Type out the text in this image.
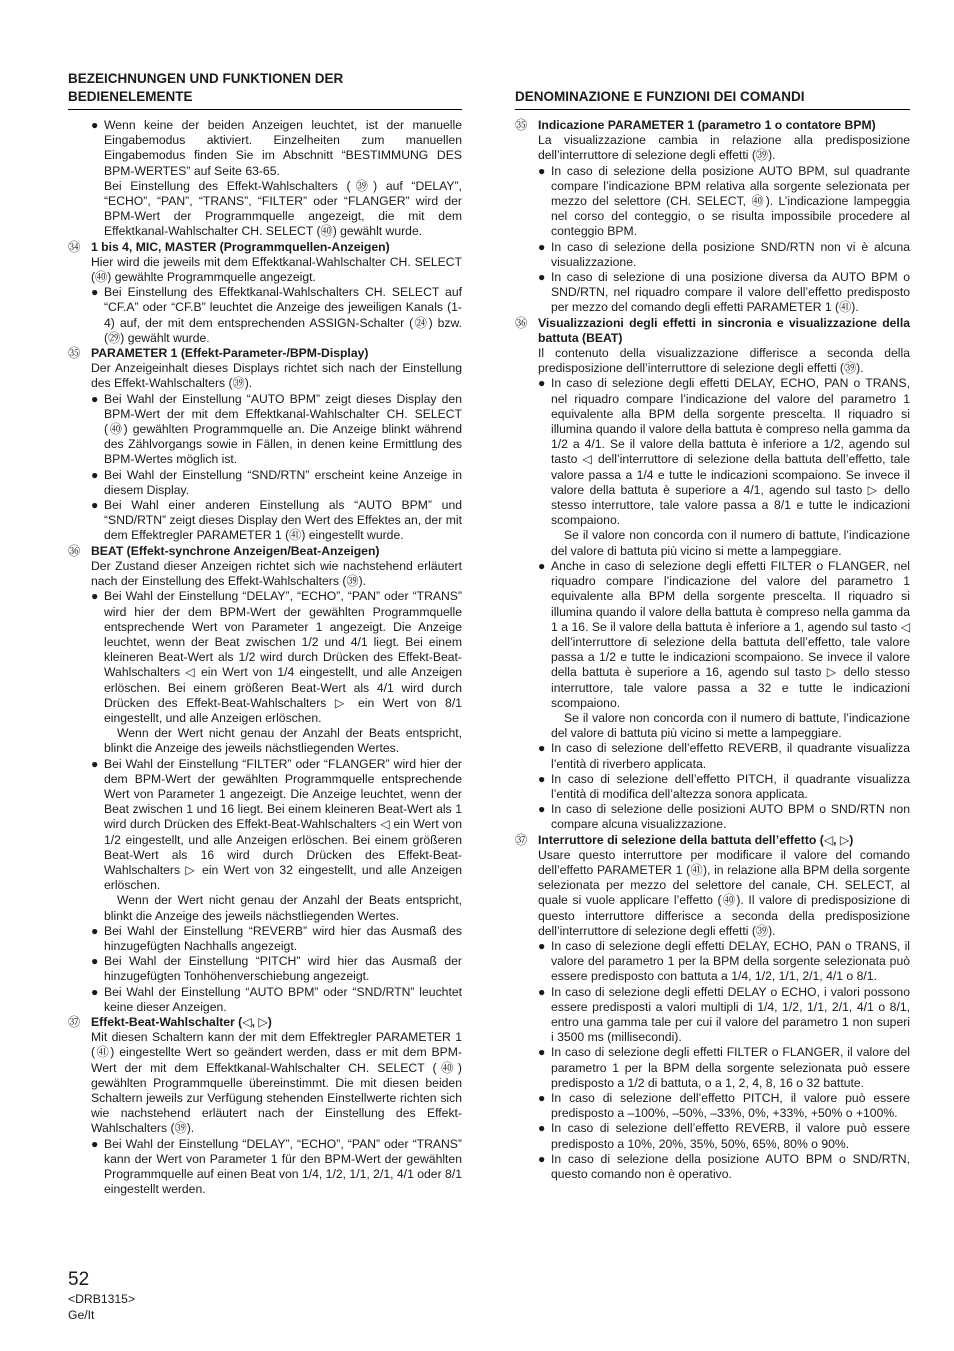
BEZEICHNUNGEN UND FUNKTIONEN DER BEDIENELEMENTE

● Wenn keine der beiden Anzeigen leuchtet, ist der manuelle Eingabemodus aktiviert. Einzelheiten zum manuellen Eingabemodus finden Sie im Abschnitt “BESTIMMUNG DES BPM-WERTES” auf Seite 63-65.

Bei Einstellung des Effekt-Wahlschalters (㊴) auf “DELAY”, “ECHO”, “PAN”, “TRANS”, “FILTER” oder “FLANGER” wird der BPM-Wert der Programmquelle angezeigt, die mit dem Effektkanal-Wahlschalter CH. SELECT (㊵) gewählt wurde.

㉞ 1 bis 4, MIC, MASTER (Programmquellen-Anzeigen)

Hier wird die jeweils mit dem Effektkanal-Wahlschalter CH. SELECT (㊵) gewählte Programmquelle angezeigt.

● Bei Einstellung des Effektkanal-Wahlschalters CH. SELECT auf “CF.A” oder “CF.B” leuchtet die Anzeige des jeweiligen Kanals (1-4) auf, der mit dem entsprechenden ASSIGN-Schalter (㉔) bzw. (㉙) gewählt wurde.

㉟ PARAMETER 1 (Effekt-Parameter-/BPM-Display)

Der Anzeigeinhalt dieses Displays richtet sich nach der Einstellung des Effekt-Wahlschalters (㊴).

● Bei Wahl der Einstellung “AUTO BPM” zeigt dieses Display den BPM-Wert der mit dem Effektkanal-Wahlschalter CH. SELECT (㊵) gewählten Programmquelle an. Die Anzeige blinkt während des Zählvorgangs sowie in Fällen, in denen keine Ermittlung des BPM-Wertes möglich ist.

● Bei Wahl der Einstellung “SND/RTN” erscheint keine Anzeige in diesem Display.

● Bei Wahl einer anderen Einstellung als “AUTO BPM” und “SND/RTN” zeigt dieses Display den Wert des Effektes an, der mit dem Effektregler PARAMETER 1 (㊶) eingestellt wurde.

㊱ BEAT (Effekt-synchrone Anzeigen/Beat-Anzeigen)

Der Zustand dieser Anzeigen richtet sich wie nachstehend erläutert nach der Einstellung des Effekt-Wahlschalters (㊴).

● Bei Wahl der Einstellung “DELAY”, “ECHO”, “PAN” oder “TRANS” wird hier der dem BPM-Wert der gewählten Programmquelle entsprechende Wert von Parameter 1 angezeigt. Die Anzeige leuchtet, wenn der Beat zwischen 1/2 und 4/1 liegt. Bei einem kleineren Beat-Wert als 1/2 wird durch Drücken des Effekt-Beat-Wahlschalters ◁ ein Wert von 1/4 eingestellt, und alle Anzeigen erlöschen. Bei einem größeren Beat-Wert als 4/1 wird durch Drücken des Effekt-Beat-Wahlschalters ▷ ein Wert von 8/1 eingestellt, und alle Anzeigen erlöschen.

Wenn der Wert nicht genau der Anzahl der Beats entspricht, blinkt die Anzeige des jeweils nächstliegenden Wertes.

● Bei Wahl der Einstellung “FILTER” oder “FLANGER” wird hier der dem BPM-Wert der gewählten Programmquelle entsprechende Wert von Parameter 1 angezeigt. Die Anzeige leuchtet, wenn der Beat zwischen 1 und 16 liegt. Bei einem kleineren Beat-Wert als 1 wird durch Drücken des Effekt-Beat-Wahlschalters ◁ ein Wert von 1/2 eingestellt, und alle Anzeigen erlöschen. Bei einem größeren Beat-Wert als 16 wird durch Drücken des Effekt-Beat-Wahlschalters ▷ ein Wert von 32 eingestellt, und alle Anzeigen erlöschen.

Wenn der Wert nicht genau der Anzahl der Beats entspricht, blinkt die Anzeige des jeweils nächstliegenden Wertes.

● Bei Wahl der Einstellung “REVERB” wird hier das Ausmaß des hinzugefügten Nachhalls angezeigt.

● Bei Wahl der Einstellung “PITCH” wird hier das Ausmaß der hinzugefügten Tonhöhenverschiebung angezeigt.

● Bei Wahl der Einstellung “AUTO BPM” oder “SND/RTN” leuchtet keine dieser Anzeigen.

㊲ Effekt-Beat-Wahlschalter (◁, ▷)

Mit diesen Schaltern kann der mit dem Effektregler PARAMETER 1 (㊶) eingestellte Wert so geändert werden, dass er mit dem BPM-Wert der mit dem Effektkanal-Wahlschalter CH. SELECT (㊵) gewählten Programmquelle übereinstimmt. Die mit diesen beiden Schaltern jeweils zur Verfügung stehenden Einstellwerte richten sich wie nachstehend erläutert nach der Einstellung des Effekt-Wahlschalters (㊴).

● Bei Wahl der Einstellung “DELAY”, “ECHO”, “PAN” oder “TRANS” kann der Wert von Parameter 1 für den BPM-Wert der gewählten Programmquelle auf einen Beat von 1/4, 1/2, 1/1, 2/1, 4/1 oder 8/1 eingestellt werden.

DENOMINAZIONE E FUNZIONI DEI COMANDI

㉟ Indicazione PARAMETER 1 (parametro 1 o contatore BPM)

La visualizzazione cambia in relazione alla predisposizione dell’interruttore di selezione degli effetti (㊴).

● In caso di selezione della posizione AUTO BPM, sul quadrante compare l’indicazione BPM relativa alla sorgente selezionata per mezzo del selettore (CH. SELECT, ㊵). L’indicazione lampeggia nel corso del conteggio, o se risulta impossibile procedere al conteggio BPM.

● In caso di selezione della posizione SND/RTN non vi è alcuna visualizzazione.

● In caso di selezione di una posizione diversa da AUTO BPM o SND/RTN, nel riquadro compare il valore dell’effetto predisposto per mezzo del comando degli effetti PARAMETER 1 (㊶).

㊱ Visualizzazioni degli effetti in sincronia e visualizzazione della battuta (BEAT)

Il contenuto della visualizzazione differisce a seconda della predisposizione dell’interruttore di selezione degli effetti (㊴).

● In caso di selezione degli effetti DELAY, ECHO, PAN o TRANS, nel riquadro compare l’indicazione del valore del parametro 1 equivalente alla BPM della sorgente prescelta. Il riquadro si illumina quando il valore della battuta è compreso nella gamma da 1/2 a 4/1. Se il valore della battuta è inferiore a 1/2, agendo sul tasto ◁ dell’interruttore di selezione della battuta dell’effetto, tale valore passa a 1/4 e tutte le indicazioni scompaiono. Se invece il valore della battuta è superiore a 4/1, agendo sul tasto ▷ dello stesso interruttore, tale valore passa a 8/1 e tutte le indicazioni scompaiono.

Se il valore non concorda con il numero di battute, l’indicazione del valore di battuta più vicino si mette a lampeggiare.

● Anche in caso di selezione degli effetti FILTER o FLANGER, nel riquadro compare l’indicazione del valore del parametro 1 equivalente alla BPM della sorgente prescelta. Il riquadro si illumina quando il valore della battuta è compreso nella gamma da 1 a 16. Se il valore della battuta è inferiore a 1, agendo sul tasto ◁ dell’interruttore di selezione della battuta dell’effetto, tale valore passa a 1/2 e tutte le indicazioni scompaiono. Se invece il valore della battuta è superiore a 16, agendo sul tasto ▷ dello stesso interruttore, tale valore passa a 32 e tutte le indicazioni scompaiono.

Se il valore non concorda con il numero di battute, l’indicazione del valore di battuta più vicino si mette a lampeggiare.

● In caso di selezione dell’effetto REVERB, il quadrante visualizza l’entità di riverbero applicata.

● In caso di selezione dell’effetto PITCH, il quadrante visualizza l’entità di modifica dell’altezza sonora applicata.

● In caso di selezione delle posizioni AUTO BPM o SND/RTN non compare alcuna visualizzazione.

㊲ Interruttore di selezione della battuta dell’effetto (◁, ▷)

Usare questo interruttore per modificare il valore del comando dell’effetto PARAMETER 1 (㊶), in relazione alla BPM della sorgente selezionata per mezzo del selettore del canale, CH. SELECT, al quale si vuole applicare l’effetto (㊵). Il valore di predisposizione di questo interruttore differisce a seconda della predisposizione dell’interruttore di selezione degli effetti (㊴).

● In caso di selezione degli effetti DELAY, ECHO, PAN o TRANS, il valore del parametro 1 per la BPM della sorgente selezionata può essere predisposto con battuta a 1/4, 1/2, 1/1, 2/1, 4/1 o 8/1.

● In caso di selezione degli effetti DELAY o ECHO, i valori possono essere predisposti a valori multipli di 1/4, 1/2, 1/1, 2/1, 4/1 o 8/1, entro una gamma tale per cui il valore del parametro 1 non superi i 3500 ms (millisecondi).

● In caso di selezione degli effetti FILTER o FLANGER, il valore del parametro 1 per la BPM della sorgente selezionata può essere predisposto a 1/2 di battuta, o a 1, 2, 4, 8, 16 o 32 battute.

● In caso di selezione dell’effetto PITCH, il valore può essere predisposto a –100%, –50%, –33%, 0%, +33%, +50% o +100%.

● In caso di selezione dell’effetto REVERB, il valore può essere predisposto a 10%, 20%, 35%, 50%, 65%, 80% o 90%.

● In caso di selezione della posizione AUTO BPM o SND/RTN, questo comando non è operativo.

52
<DRB1315>
Ge/It
